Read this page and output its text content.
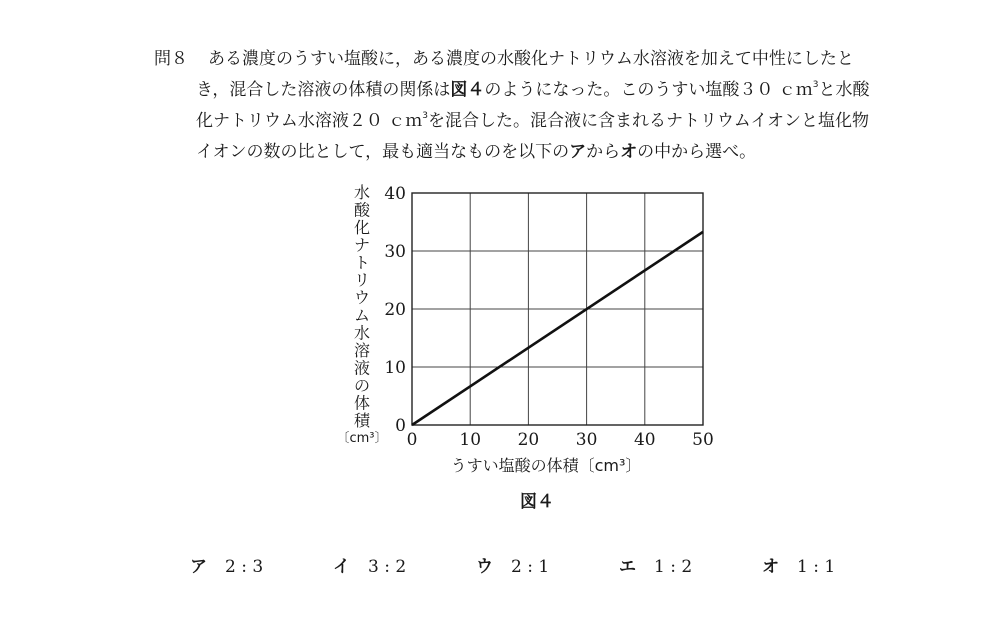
問８ ある濃度のうすい塩酸に，ある濃度の水酸化ナトリウム水溶液を加えて中性にしたと
き，混合した溶液の体積の関係は図４のようになった。このうすい塩酸３０ ｃｍ$^3$と水酸
化ナトリウム水溶液２０ ｃｍ$^3$を混合した。混合液に含まれるナトリウムイオンと塩化物
イオンの数の比として，最も適当なものを以下のアからオの中から選べ。

0 10 20 30 40 50
0
10
20
30
40
水
酸
化
ナ
ト
リ
ウ
ム
水
溶
液
の
体
積
〔cm³〕
うすい塩酸の体積〔cm³〕
図４
ア 2 : 3	イ 3 : 2	ウ 2 : 1	エ 1 : 2	オ 1 : 1
